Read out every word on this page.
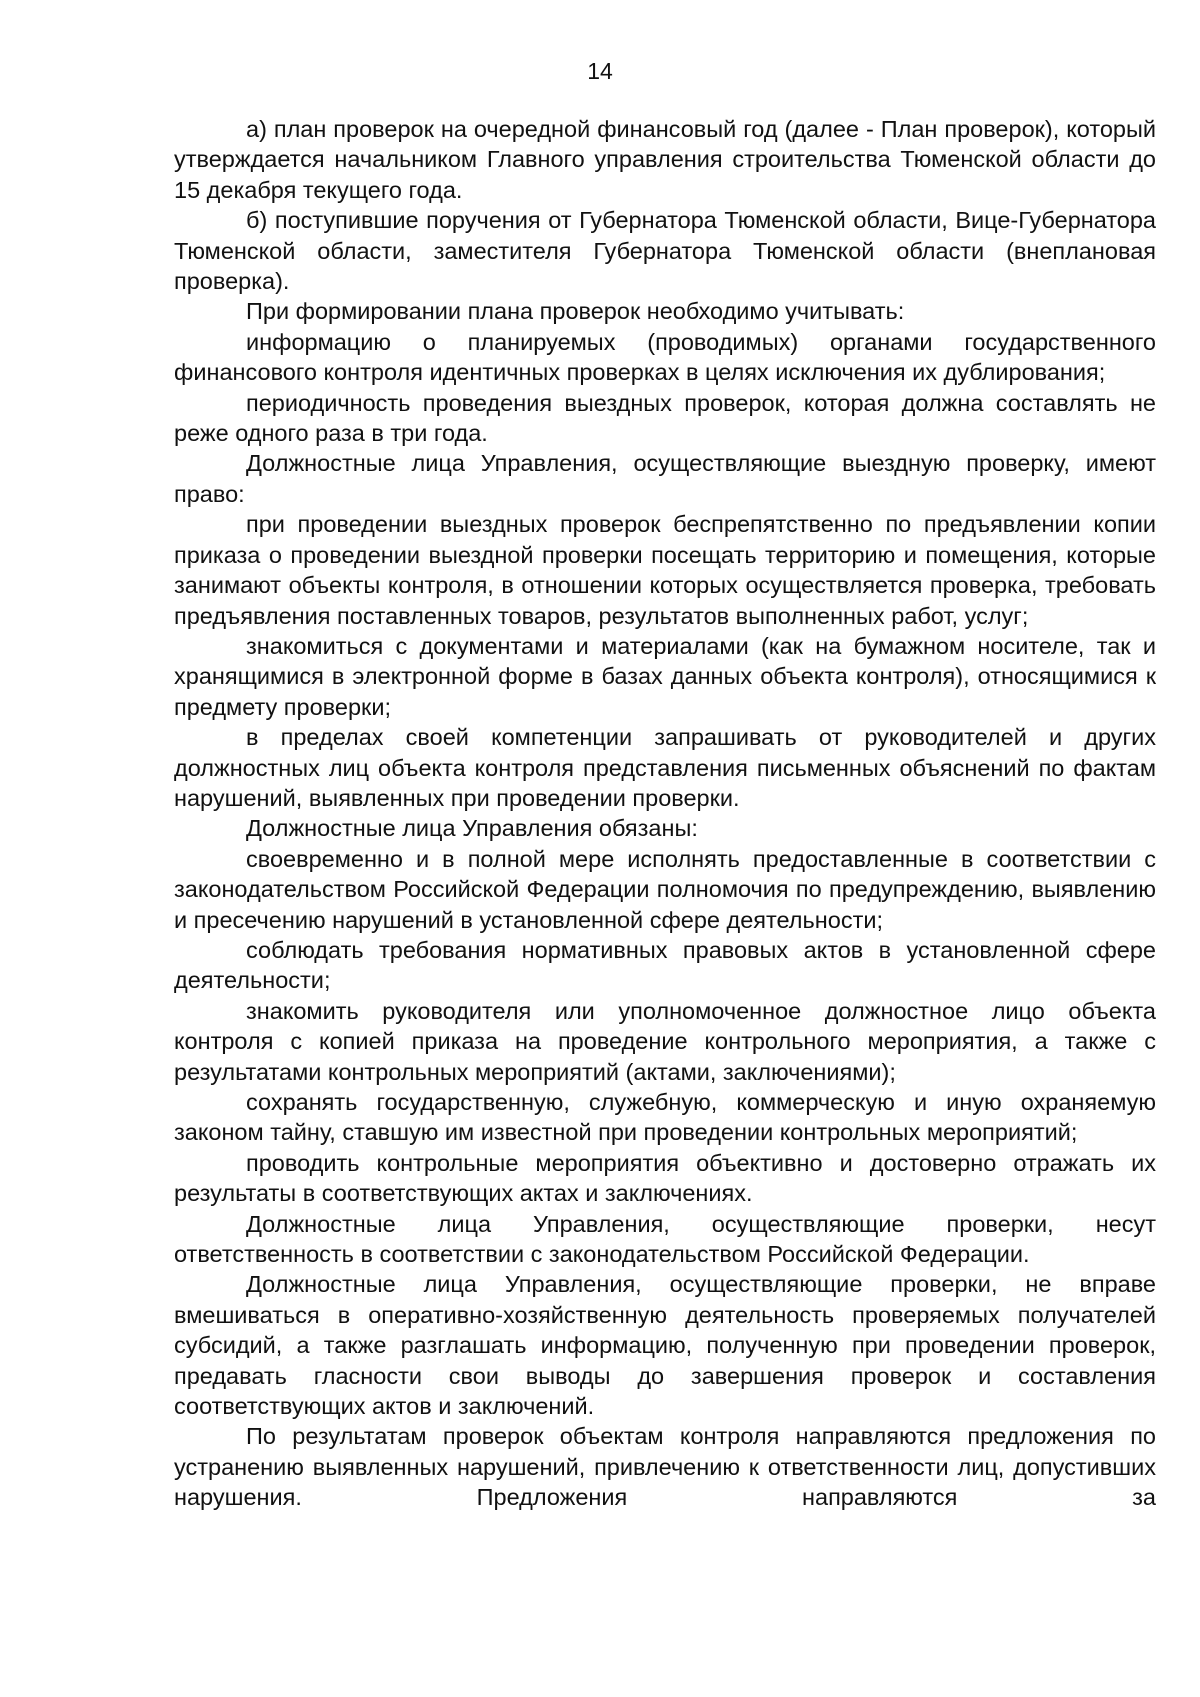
14

а) план проверок на очередной финансовый год (далее - План проверок), который утверждается начальником Главного управления строительства Тюменской области до 15 декабря текущего года.

б) поступившие поручения от Губернатора Тюменской области, Вице-Губернатора Тюменской области, заместителя Губернатора Тюменской области (внеплановая проверка).

При формировании плана проверок необходимо учитывать:

информацию о планируемых (проводимых) органами государственного финансового контроля идентичных проверках в целях исключения их дублирования;

периодичность проведения выездных проверок, которая должна составлять не реже одного раза в три года.

Должностные лица Управления, осуществляющие выездную проверку, имеют право:

при проведении выездных проверок беспрепятственно по предъявлении копии приказа о проведении выездной проверки посещать территорию и помещения, которые занимают объекты контроля, в отношении которых осуществляется проверка, требовать предъявления поставленных товаров, результатов выполненных работ, услуг;

знакомиться с документами и материалами (как на бумажном носителе, так и хранящимися в электронной форме в базах данных объекта контроля), относящимися к предмету проверки;

в пределах своей компетенции запрашивать от руководителей и других должностных лиц объекта контроля представления письменных объяснений по фактам нарушений, выявленных при проведении проверки.

Должностные лица Управления обязаны:

своевременно и в полной мере исполнять предоставленные в соответствии с законодательством Российской Федерации полномочия по предупреждению, выявлению и пресечению нарушений в установленной сфере деятельности;

соблюдать требования нормативных правовых актов в установленной сфере деятельности;

знакомить руководителя или уполномоченное должностное лицо объекта контроля с копией приказа на проведение контрольного мероприятия, а также с результатами контрольных мероприятий (актами, заключениями);

сохранять государственную, служебную, коммерческую и иную охраняемую законом тайну, ставшую им известной при проведении контрольных мероприятий;

проводить контрольные мероприятия объективно и достоверно отражать их результаты в соответствующих актах и заключениях.

Должностные лица Управления, осуществляющие проверки, несут ответственность в соответствии с законодательством Российской Федерации.

Должностные лица Управления, осуществляющие проверки, не вправе вмешиваться в оперативно-хозяйственную деятельность проверяемых получателей субсидий, а также разглашать информацию, полученную при проведении проверок, предавать гласности свои выводы до завершения проверок и составления соответствующих актов и заключений.

По результатам проверок объектам контроля направляются предложения по устранению выявленных нарушений, привлечению к ответственности лиц, допустивших нарушения. Предложения направляются за
